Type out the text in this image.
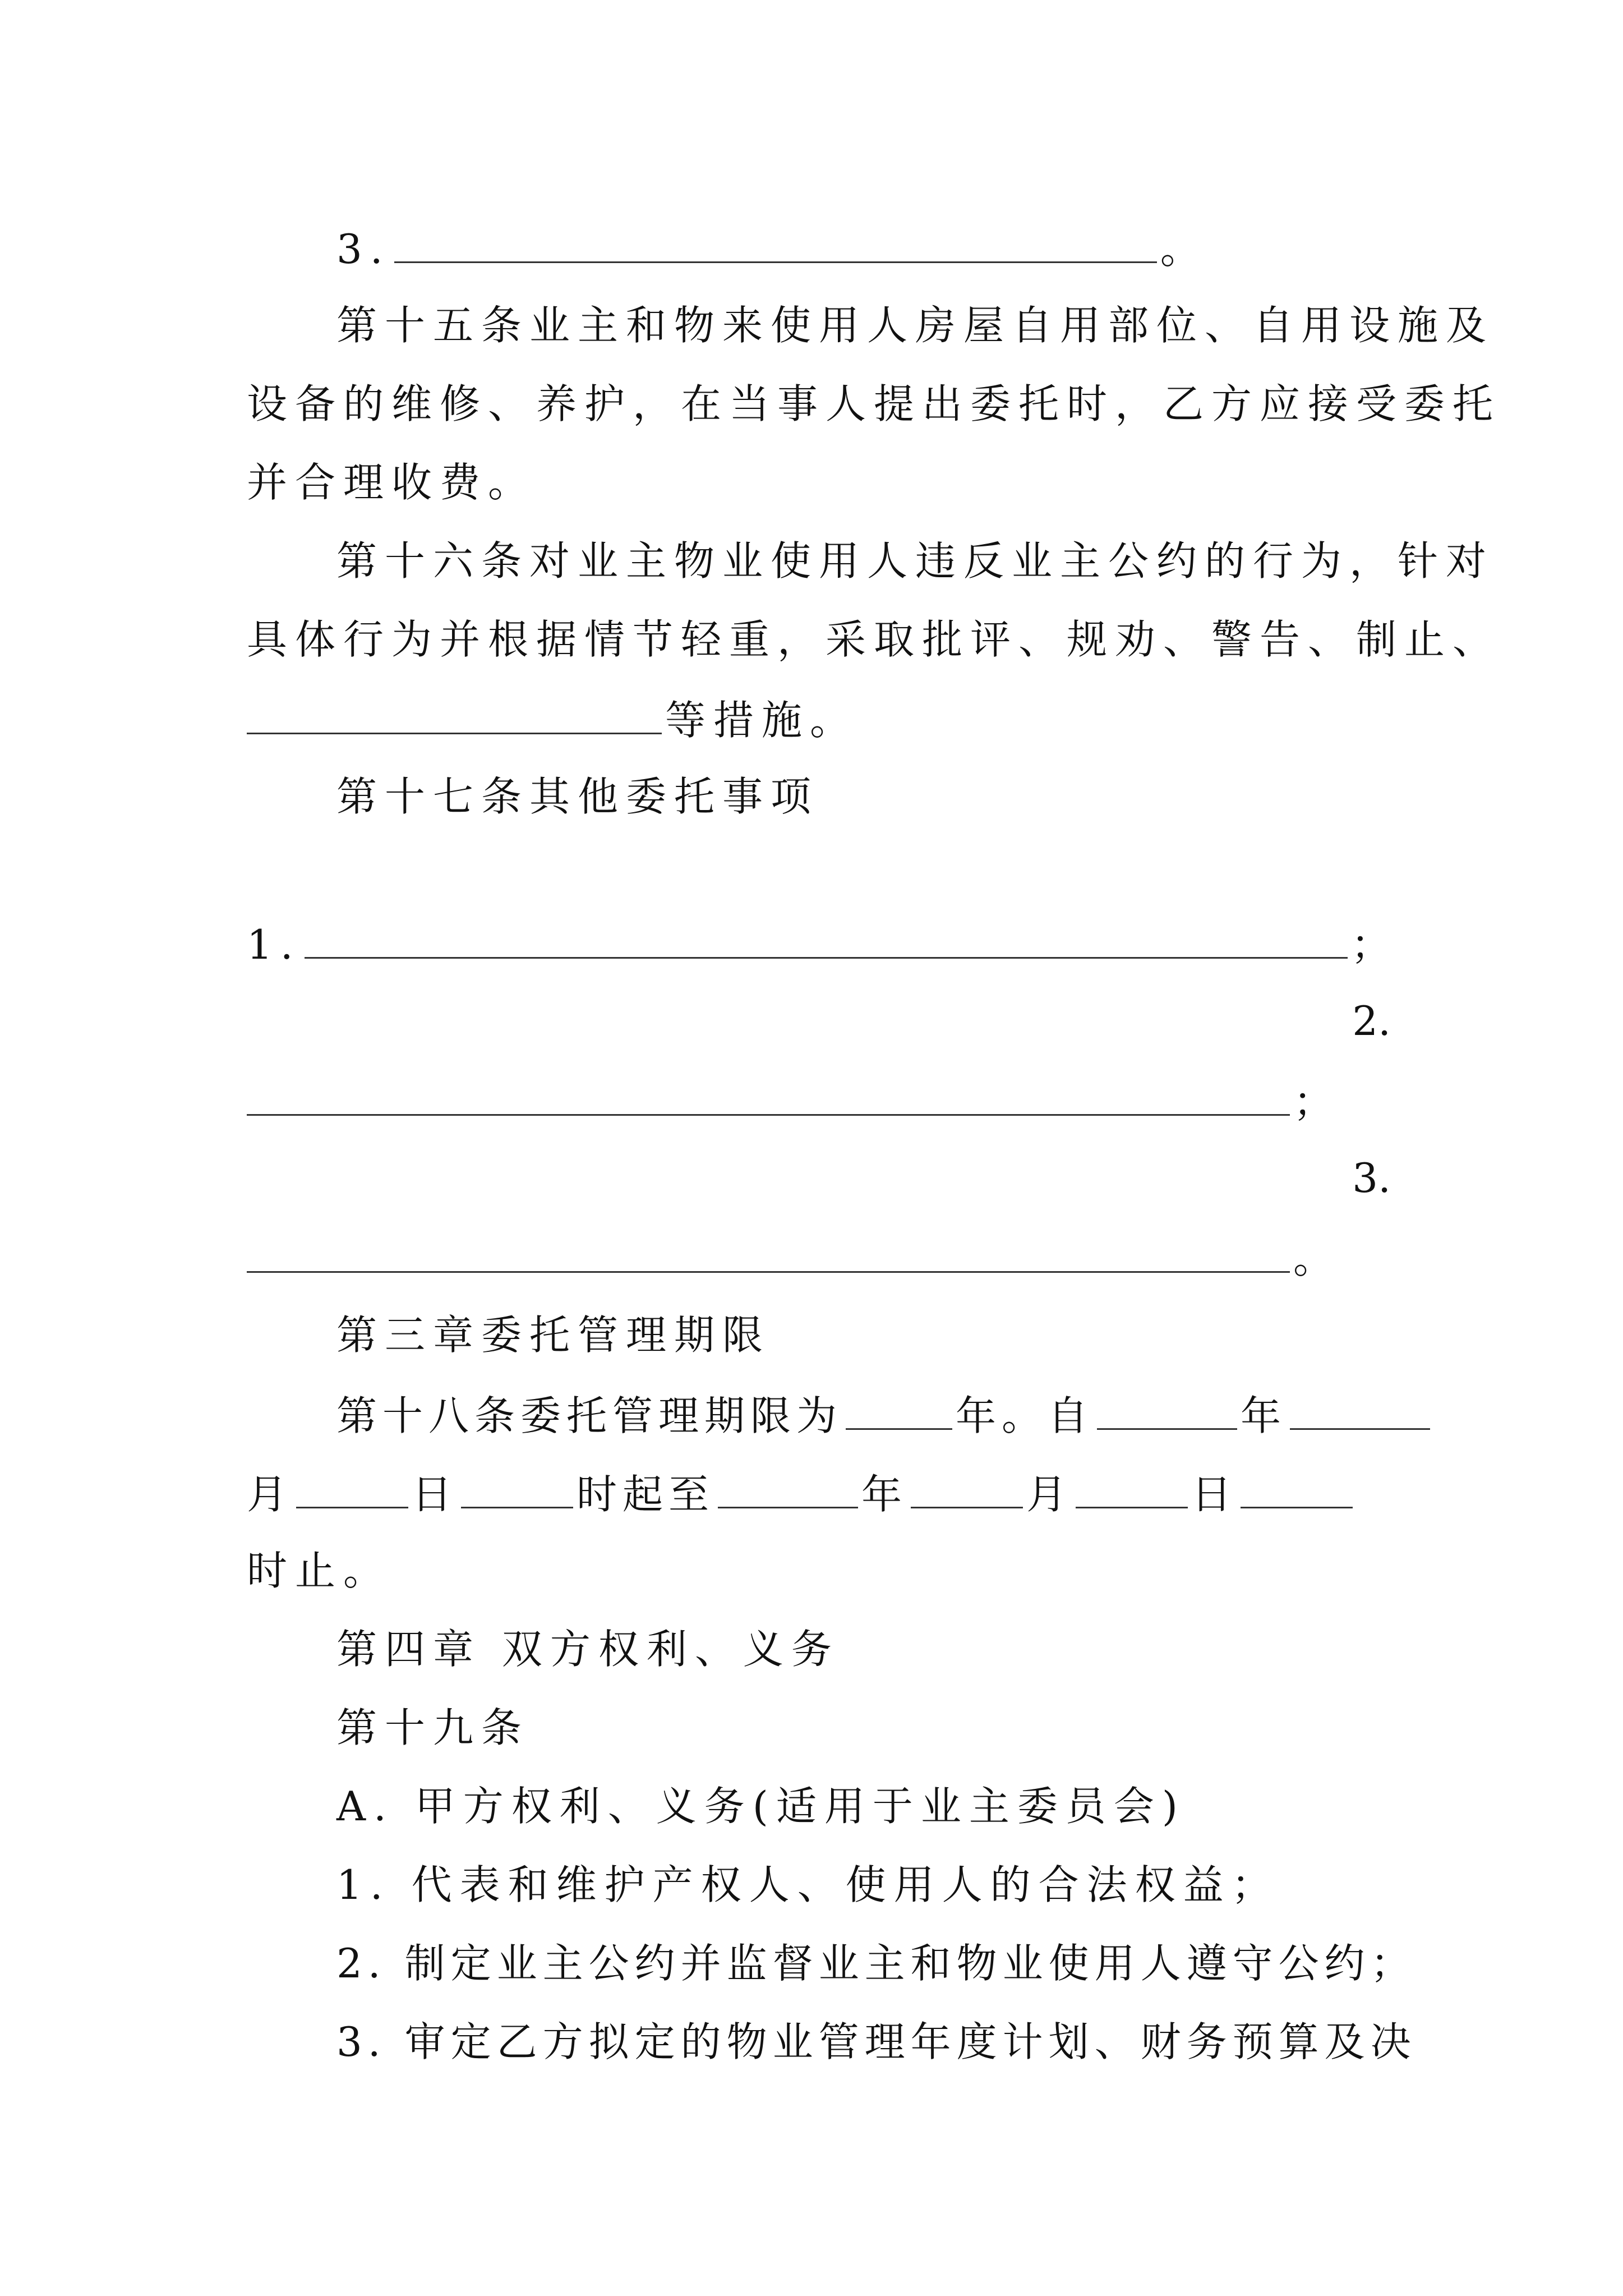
3.	。
第十五条业主和物来使用人房屋自用部位、自用设施及
设备的维修、养护，在当事人提出委托时，乙方应接受委托
并合理收费。
第十六条对业主物业使用人违反业主公约的行为，针对
具体行为并根据情节轻重，采取批评、规劝、警告、制止、
等措施。
第十七条其他委托事项
1.	；
2.
；
3.
。
第三章委托管理期限
第十八条委托管理期限为	年。自	年
月	日	时起至	年	月	日
时止。
第四章 双方权利、义务
第十九条
A. 甲方权利、义务(适用于业主委员会)
1. 代表和维护产权人、使用人的合法权益；
2. 制定业主公约并监督业主和物业使用人遵守公约；
3. 审定乙方拟定的物业管理年度计划、财务预算及决
